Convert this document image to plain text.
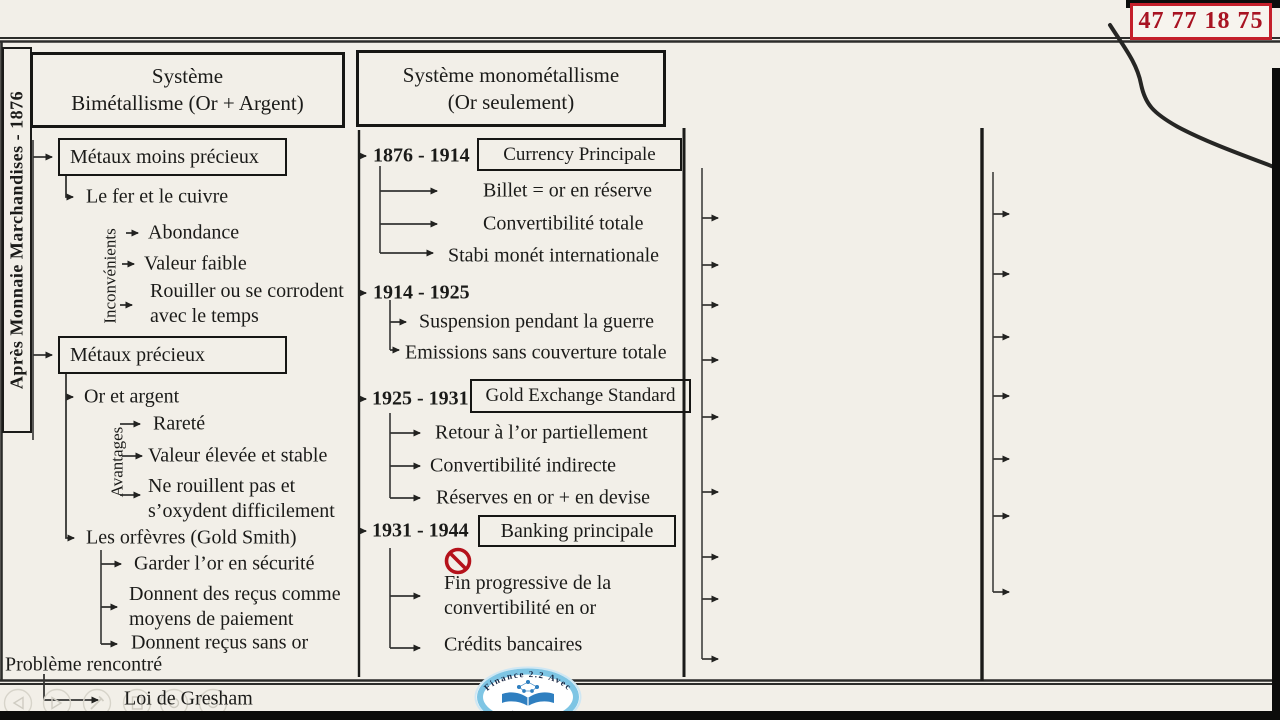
Finance 2.2 Avec
47 77 18 75
Après Monnaie Marchandises - 1876
Système
Bimétallisme (Or + Argent)
Métaux moins précieux
Le fer et le cuivre
Inconvénients Abondance
Valeur faible
Rouiller ou se corrodent
avec le temps
Métaux précieux
Or et argent
Avantages
Rareté
Valeur élevée et stable
Ne rouillent pas et
s’oxydent difficilement
Les orfèvres (Gold Smith)
Garder l’or en sécurité
Donnent des reçus comme
moyens de paiement
Donnent reçus sans or
Problème rencontré
Loi de Gresham
Système monométallisme
(Or seulement)
1876 - 1914 Currency Principale
Billet = or en réserve
Convertibilité totale
Stabi monét internationale
1914 - 1925
Suspension pendant la guerre
Emissions sans couverture totale
1925 - 1931 Gold Exchange Standard
Retour à l’or partiellement
Convertibilité indirecte
Réserves en or + en devise
1931 - 1944 Banking principale
Fin progressive de la
convertibilité en or
Crédits bancaires
